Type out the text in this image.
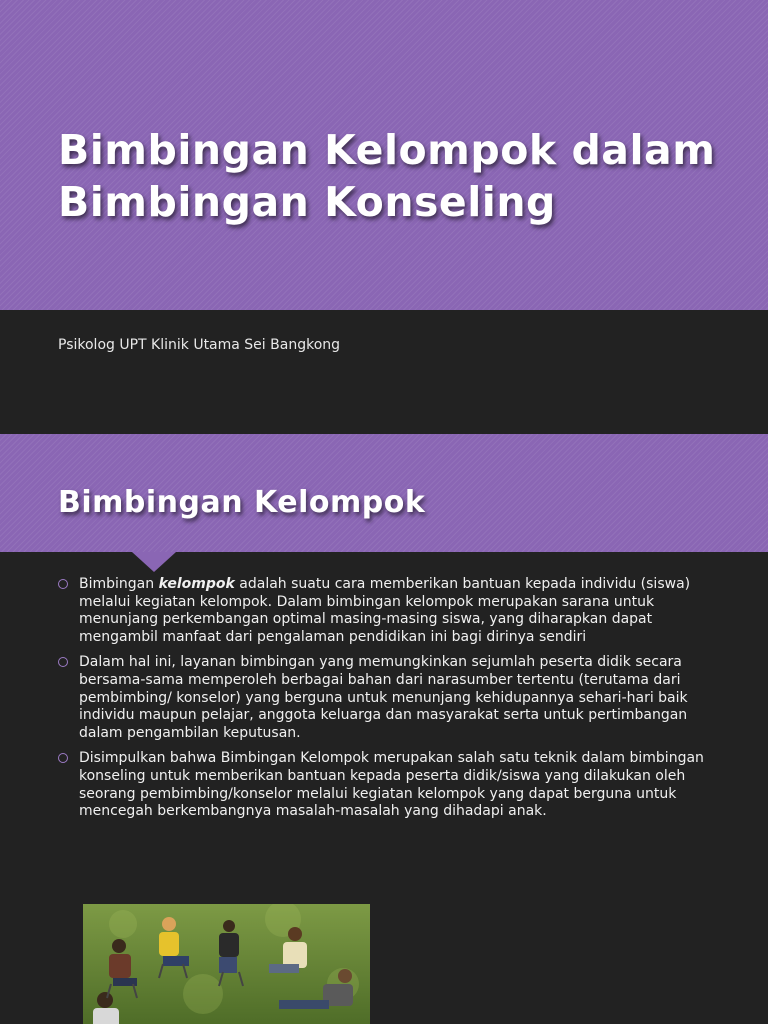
Bimbingan Kelompok dalam Bimbingan Konseling
Psikolog UPT Klinik Utama Sei Bangkong
Bimbingan Kelompok
Bimbingan kelompok adalah suatu cara memberikan bantuan kepada individu (siswa) melalui kegiatan kelompok. Dalam bimbingan kelompok merupakan sarana untuk menunjang perkembangan optimal masing-masing siswa, yang diharapkan dapat mengambil manfaat dari pengalaman pendidikan ini bagi dirinya sendiri
Dalam hal ini, layanan bimbingan yang memungkinkan sejumlah peserta didik secara bersama-sama memperoleh berbagai bahan dari narasumber tertentu (terutama dari pembimbing/ konselor) yang berguna untuk menunjang kehidupannya sehari-hari baik individu maupun pelajar, anggota keluarga dan masyarakat serta untuk pertimbangan dalam pengambilan keputusan.
Disimpulkan bahwa Bimbingan Kelompok merupakan salah satu teknik dalam bimbingan konseling untuk memberikan bantuan kepada peserta didik/siswa yang dilakukan oleh seorang pembimbing/konselor melalui kegiatan kelompok yang dapat berguna untuk mencegah berkembangnya masalah-masalah yang dihadapi anak.
